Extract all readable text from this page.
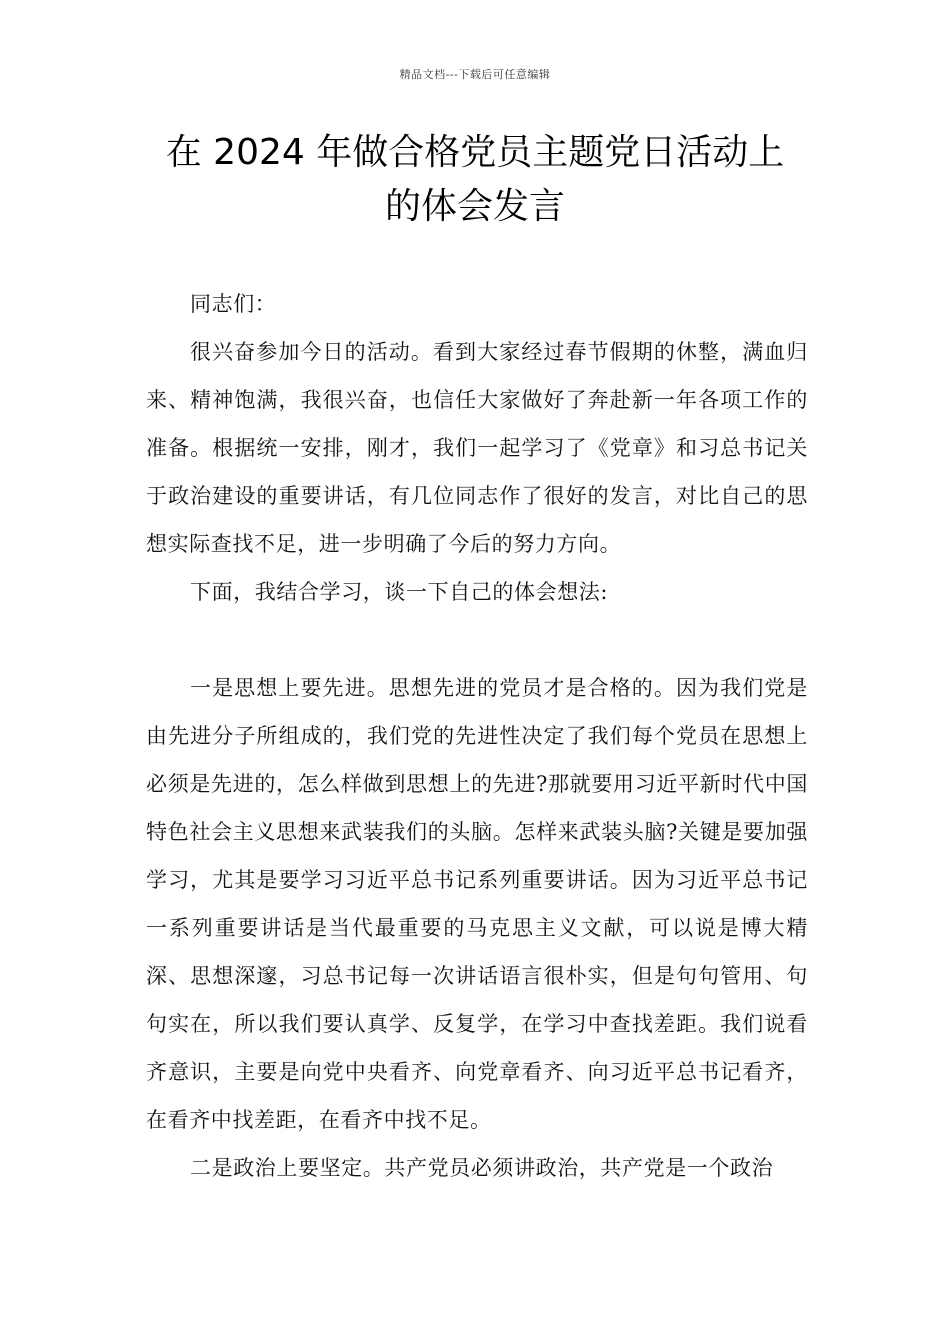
精品文档---下载后可任意编辑
在 2024 年做合格党员主题党日活动上
的体会发言

同志们：

很兴奋参加今日的活动。看到大家经过春节假期的休整，满血归来、精神饱满，我很兴奋，也信任大家做好了奔赴新一年各项工作的准备。根据统一安排，刚才，我们一起学习了《党章》和习总书记关于政治建设的重要讲话，有几位同志作了很好的发言，对比自己的思想实际查找不足，进一步明确了今后的努力方向。

下面，我结合学习，谈一下自己的体会想法:

一是思想上要先进。思想先进的党员才是合格的。因为我们党是由先进分子所组成的，我们党的先进性决定了我们每个党员在思想上必须是先进的，怎么样做到思想上的先进?那就要用习近平新时代中国特色社会主义思想来武装我们的头脑。怎样来武装头脑?关键是要加强学习，尤其是要学习习近平总书记系列重要讲话。因为习近平总书记一系列重要讲话是当代最重要的马克思主义文献，可以说是博大精深、思想深邃，习总书记每一次讲话语言很朴实，但是句句管用、句句实在，所以我们要认真学、反复学，在学习中查找差距。我们说看齐意识，主要是向党中央看齐、向党章看齐、向习近平总书记看齐，在看齐中找差距，在看齐中找不足。

二是政治上要坚定。共产党员必须讲政治，共产党是一个政治
